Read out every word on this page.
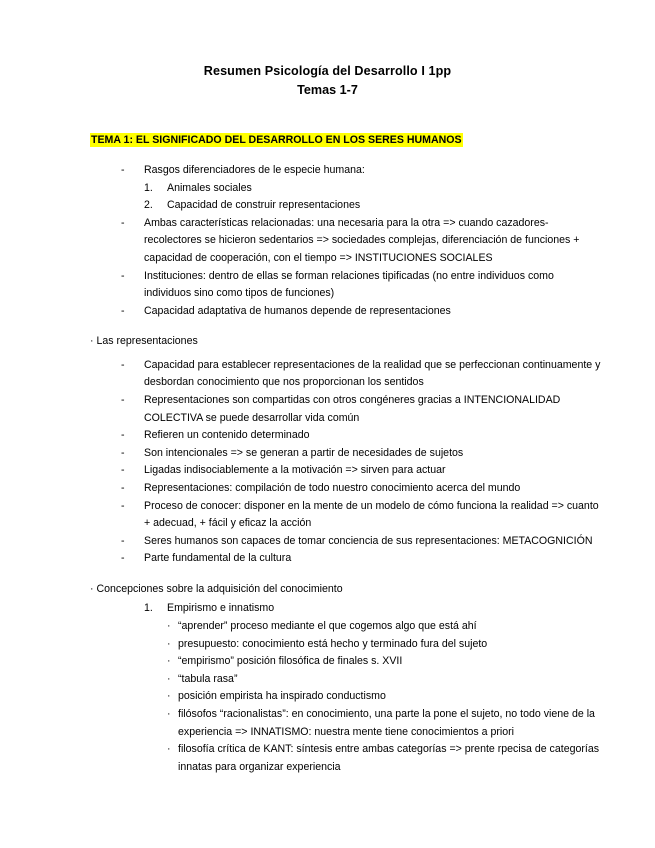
Resumen Psicología del Desarrollo I 1pp
Temas 1-7
TEMA 1: EL SIGNIFICADO DEL DESARROLLO EN LOS SERES HUMANOS
- Rasgos diferenciadores de le especie humana:
1. Animales sociales
2. Capacidad de construir representaciones
- Ambas características relacionadas: una necesaria para la otra => cuando cazadores-recolectores se hicieron sedentarios => sociedades complejas, diferenciación de funciones + capacidad de cooperación, con el tiempo => INSTITUCIONES SOCIALES
- Instituciones: dentro de ellas se forman relaciones tipificadas (no entre individuos como individuos sino como tipos de funciones)
- Capacidad adaptativa de humanos depende de representaciones
· Las representaciones
- Capacidad para establecer representaciones de la realidad que se perfeccionan continuamente y desbordan conocimiento que nos proporcionan los sentidos
- Representaciones son compartidas con otros congéneres gracias a INTENCIONALIDAD COLECTIVA se puede desarrollar vida común
- Refieren un contenido determinado
- Son intencionales => se generan a partir de necesidades de sujetos
- Ligadas indisociablemente a la motivación => sirven para actuar
- Representaciones: compilación de todo nuestro conocimiento acerca del mundo
- Proceso de conocer: disponer en la mente de un modelo de cómo funciona la realidad => cuanto + adecuad, + fácil y eficaz la acción
- Seres humanos son capaces de tomar conciencia de sus representaciones: METACOGNICIÓN
- Parte fundamental de la cultura
· Concepciones sobre la adquisición del conocimiento
1. Empirismo e innatismo
· “aprender” proceso mediante el que cogemos algo que está ahí
· presupuesto: conocimiento está hecho y terminado fura del sujeto
· “empirismo” posición filosófica de finales s. XVII
· “tabula rasa”
· posición empirista ha inspirado conductismo
· filósofos “racionalistas”: en conocimiento, una parte la pone el sujeto, no todo viene de la experiencia => INNATISMO: nuestra mente tiene conocimientos a priori
· filosofía crítica de KANT: síntesis entre ambas categorías => prente rpecisa de categorías innatas para organizar experiencia
